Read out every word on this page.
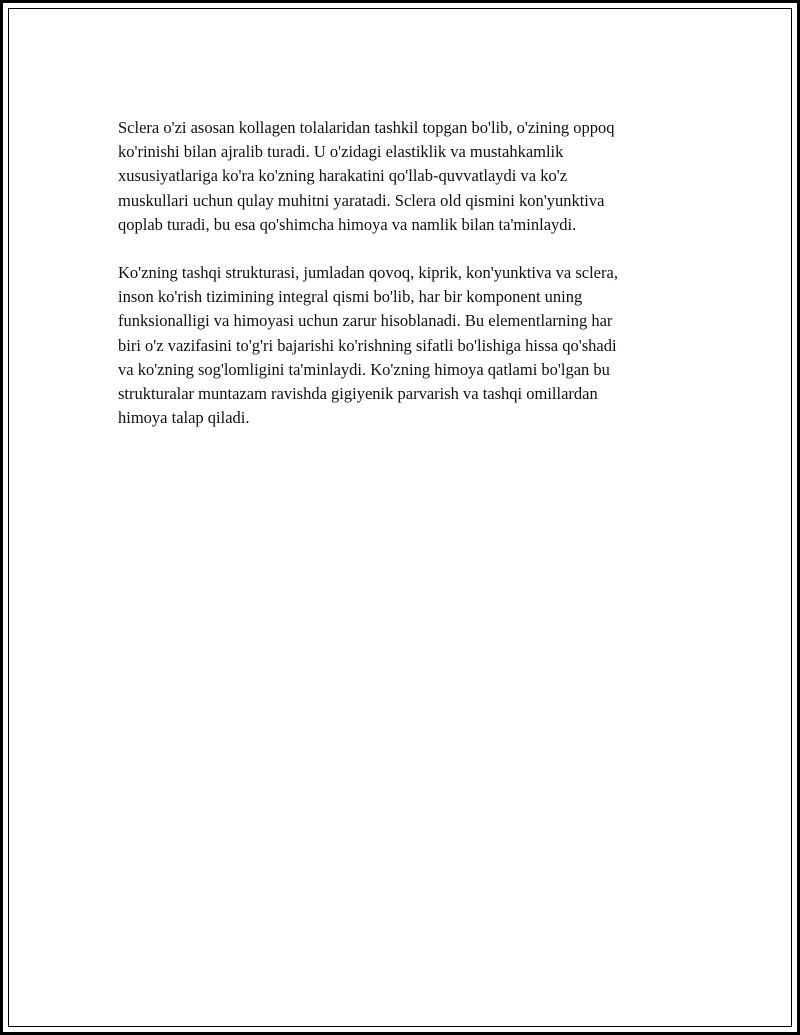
Sclera o'zi asosan kollagen tolalaridan tashkil topgan bo'lib, o'zining oppoq
ko'rinishi bilan ajralib turadi. U o'zidagi elastiklik va mustahkamlik
xususiyatlariga ko'ra ko'zning harakatini qo'llab-quvvatlaydi va ko'z
muskullari uchun qulay muhitni yaratadi. Sclera old qismini kon'yunktiva
qoplab turadi, bu esa qo'shimcha himoya va namlik bilan ta'minlaydi.

Ko'zning tashqi strukturasi, jumladan qovoq, kiprik, kon'yunktiva va sclera,
inson ko'rish tizimining integral qismi bo'lib, har bir komponent uning
funksionalligi va himoyasi uchun zarur hisoblanadi. Bu elementlarning har
biri o'z vazifasini to'g'ri bajarishi ko'rishning sifatli bo'lishiga hissa qo'shadi
va ko'zning sog'lomligini ta'minlaydi. Ko'zning himoya qatlami bo'lgan bu
strukturalar muntazam ravishda gigiyenik parvarish va tashqi omillardan
himoya talap qiladi.
